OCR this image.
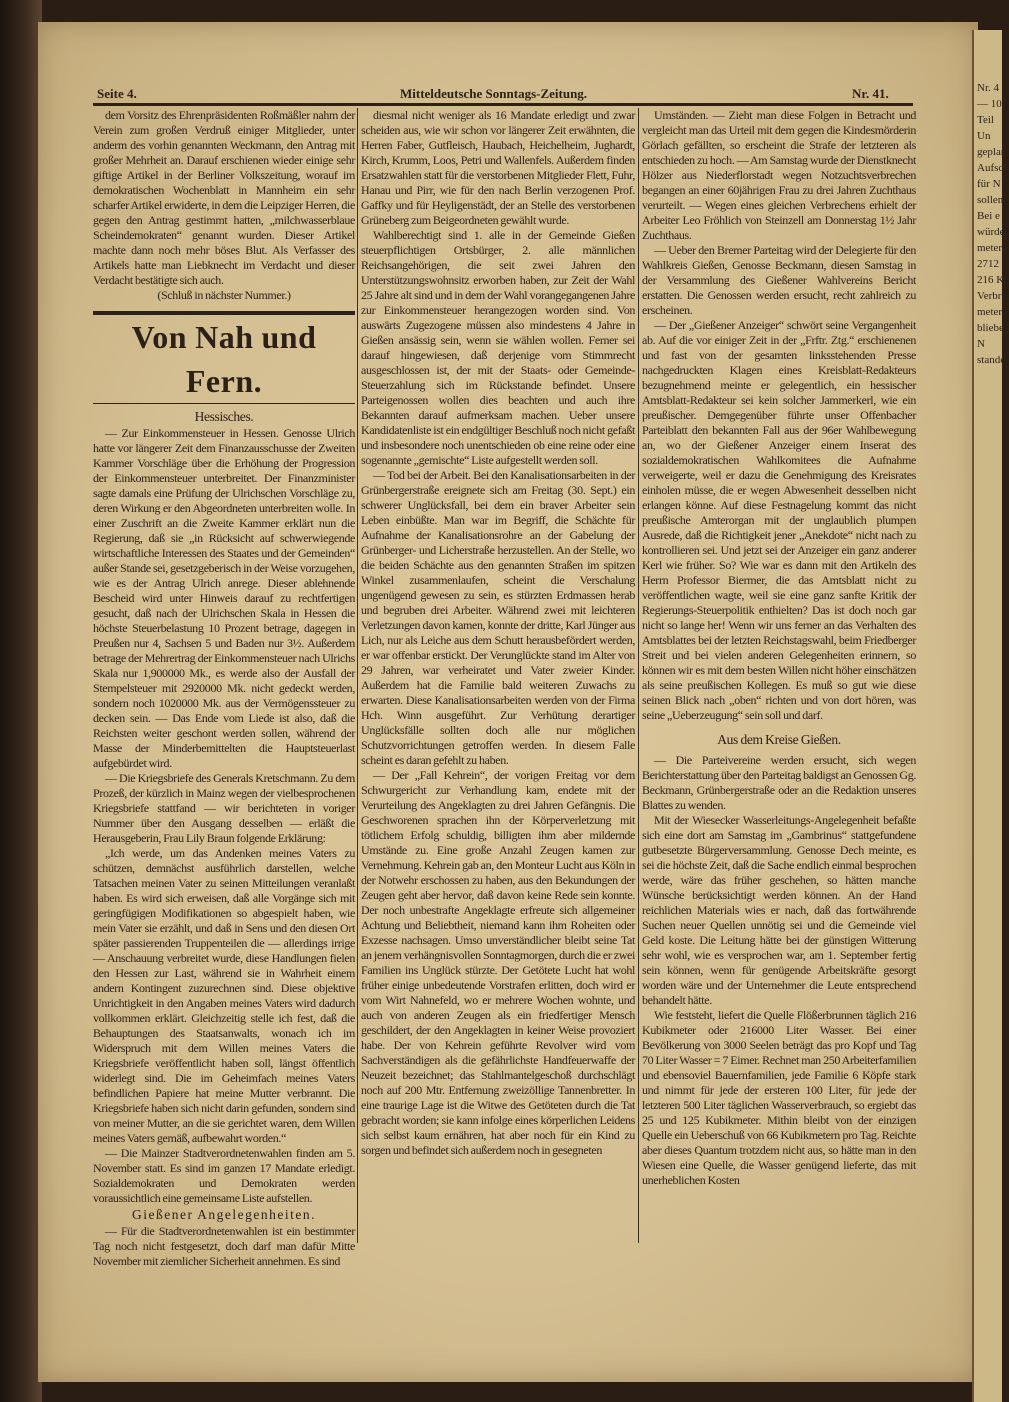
Nr. 4
— 10
Teil
Un
geplan
Aufsch
für N
sollen
Bei e
würde,
metern
2712
216 K
Verbr
meter
bliebe
N
stande
Seite 4.	Mitteldeutsche Sonntags-Zeitung.	Nr. 41.

dem Vorsitz des Ehrenpräsidenten Roßmäßler nahm der Verein zum großen Verdruß einiger Mitglieder, unter anderm des vorhin genannten Weckmann, den Antrag mit großer Mehrheit an. Darauf erschienen wieder einige sehr giftige Artikel in der Berliner Volkszeitung, worauf im demokratischen Wochenblatt in Mannheim ein sehr scharfer Artikel erwiderte, in dem die Leipziger Herren, die gegen den Antrag gestimmt hatten, „milchwasserblaue Scheindemokraten“ genannt wurden. Dieser Artikel machte dann noch mehr böses Blut. Als Verfasser des Artikels hatte man Liebknecht im Verdacht und dieser Verdacht bestätigte sich auch.

(Schluß in nächster Nummer.)

Von Nah und Fern.

Hessisches.

— Zur Einkommensteuer in Hessen. Genosse Ulrich hatte vor längerer Zeit dem Finanzausschusse der Zweiten Kammer Vorschläge über die Erhöhung der Progression der Einkommensteuer unterbreitet. Der Finanzminister sagte damals eine Prüfung der Ulrichschen Vorschläge zu, deren Wirkung er den Abgeordneten unterbreiten wolle. In einer Zuschrift an die Zweite Kammer erklärt nun die Regierung, daß sie „in Rücksicht auf schwerwiegende wirtschaftliche Interessen des Staates und der Gemeinden“ außer Stande sei, gesetzgeberisch in der Weise vorzugehen, wie es der Antrag Ulrich anrege. Dieser ablehnende Bescheid wird unter Hinweis darauf zu rechtfertigen gesucht, daß nach der Ulrichschen Skala in Hessen die höchste Steuerbelastung 10 Prozent betrage, dagegen in Preußen nur 4, Sachsen 5 und Baden nur 3½. Außerdem betrage der Mehrertrag der Einkommensteuer nach Ulrichs Skala nur 1,900000 Mk., es werde also der Ausfall der Stempelsteuer mit 2920000 Mk. nicht gedeckt werden, sondern noch 1020000 Mk. aus der Vermögenssteuer zu decken sein. — Das Ende vom Liede ist also, daß die Reichsten weiter geschont werden sollen, während der Masse der Minderbemittelten die Hauptsteuerlast aufgebürdet wird.

— Die Kriegsbriefe des Generals Kretschmann. Zu dem Prozeß, der kürzlich in Mainz wegen der vielbesprochenen Kriegsbriefe stattfand — wir berichteten in voriger Nummer über den Ausgang desselben — erläßt die Herausgeberin, Frau Lily Braun folgende Erklärung:

„Ich werde, um das Andenken meines Vaters zu schützen, demnächst ausführlich darstellen, welche Tatsachen meinen Vater zu seinen Mitteilungen veranlaßt haben. Es wird sich erweisen, daß alle Vorgänge sich mit geringfügigen Modifikationen so abgespielt haben, wie mein Vater sie erzählt, und daß in Sens und den diesen Ort später passierenden Truppenteilen die — allerdings irrige — Anschauung verbreitet wurde, diese Handlungen fielen den Hessen zur Last, während sie in Wahrheit einem andern Kontingent zuzurechnen sind. Diese objektive Unrichtigkeit in den Angaben meines Vaters wird dadurch vollkommen erklärt. Gleichzeitig stelle ich fest, daß die Behauptungen des Staatsanwalts, wonach ich im Widerspruch mit dem Willen meines Vaters die Kriegsbriefe veröffentlicht haben soll, längst öffentlich widerlegt sind. Die im Geheimfach meines Vaters befindlichen Papiere hat meine Mutter verbrannt. Die Kriegsbriefe haben sich nicht darin gefunden, sondern sind von meiner Mutter, an die sie gerichtet waren, dem Willen meines Vaters gemäß, aufbewahrt worden.“

— Die Mainzer Stadtverordnetenwahlen finden am 5. November statt. Es sind im ganzen 17 Mandate erledigt. Sozialdemokraten und Demokraten werden voraussichtlich eine gemeinsame Liste aufstellen.

Gießener Angelegenheiten.

— Für die Stadtverordnetenwahlen ist ein bestimmter Tag noch nicht festgesetzt, doch darf man dafür Mitte November mit ziemlicher Sicherheit annehmen. Es sind

diesmal nicht weniger als 16 Mandate erledigt und zwar scheiden aus, wie wir schon vor längerer Zeit erwähnten, die Herren Faber, Gutfleisch, Haubach, Heichelheim, Jughardt, Kirch, Krumm, Loos, Petri und Wallenfels. Außerdem finden Ersatzwahlen statt für die verstorbenen Mitglieder Flett, Fuhr, Hanau und Pirr, wie für den nach Berlin verzogenen Prof. Gaffky und für Heyligenstädt, der an Stelle des verstorbenen Grüneberg zum Beigeordneten gewählt wurde.

Wahlberechtigt sind 1. alle in der Gemeinde Gießen steuerpflichtigen Ortsbürger, 2. alle männlichen Reichsangehörigen, die seit zwei Jahren den Unterstützungswohnsitz erworben haben, zur Zeit der Wahl 25 Jahre alt sind und in dem der Wahl vorangegangenen Jahre zur Einkommensteuer herangezogen worden sind. Von auswärts Zugezogene müssen also mindestens 4 Jahre in Gießen ansässig sein, wenn sie wählen wollen. Ferner sei darauf hingewiesen, daß derjenige vom Stimmrecht ausgeschlossen ist, der mit der Staats- oder Gemeinde-Steuerzahlung sich im Rückstande befindet. Unsere Parteigenossen wollen dies beachten und auch ihre Bekannten darauf aufmerksam machen. Ueber unsere Kandidatenliste ist ein endgültiger Beschluß noch nicht gefaßt und insbesondere noch unentschieden ob eine reine oder eine sogenannte „gemischte“ Liste aufgestellt werden soll.

— Tod bei der Arbeit. Bei den Kanalisationsarbeiten in der Grünbergerstraße ereignete sich am Freitag (30. Sept.) ein schwerer Unglücksfall, bei dem ein braver Arbeiter sein Leben einbüßte. Man war im Begriff, die Schächte für Aufnahme der Kanalisationsrohre an der Gabelung der Grünberger- und Licherstraße herzustellen. An der Stelle, wo die beiden Schächte aus den genannten Straßen im spitzen Winkel zusammenlaufen, scheint die Verschalung ungenügend gewesen zu sein, es stürzten Erdmassen herab und begruben drei Arbeiter. Während zwei mit leichteren Verletzungen davon kamen, konnte der dritte, Karl Jünger aus Lich, nur als Leiche aus dem Schutt herausbefördert werden, er war offenbar erstickt. Der Verunglückte stand im Alter von 29 Jahren, war verheiratet und Vater zweier Kinder. Außerdem hat die Familie bald weiteren Zuwachs zu erwarten. Diese Kanalisationsarbeiten werden von der Firma Hch. Winn ausgeführt. Zur Verhütung derartiger Unglücksfälle sollten doch alle nur möglichen Schutzvorrichtungen getroffen werden. In diesem Falle scheint es daran gefehlt zu haben.

— Der „Fall Kehrein“, der vorigen Freitag vor dem Schwurgericht zur Verhandlung kam, endete mit der Verurteilung des Angeklagten zu drei Jahren Gefängnis. Die Geschworenen sprachen ihn der Körperverletzung mit tötlichem Erfolg schuldig, billigten ihm aber mildernde Umstände zu. Eine große Anzahl Zeugen kamen zur Vernehmung. Kehrein gab an, den Monteur Lucht aus Köln in der Notwehr erschossen zu haben, aus den Bekundungen der Zeugen geht aber hervor, daß davon keine Rede sein konnte. Der noch unbestrafte Angeklagte erfreute sich allgemeiner Achtung und Beliebtheit, niemand kann ihm Roheiten oder Exzesse nachsagen. Umso unverständlicher bleibt seine Tat an jenem verhängnisvollen Sonntagmorgen, durch die er zwei Familien ins Unglück stürzte. Der Getötete Lucht hat wohl früher einige unbedeutende Vorstrafen erlitten, doch wird er vom Wirt Nahnefeld, wo er mehrere Wochen wohnte, und auch von anderen Zeugen als ein friedfertiger Mensch geschildert, der den Angeklagten in keiner Weise provoziert habe. Der von Kehrein geführte Revolver wird vom Sachverständigen als die gefährlichste Handfeuerwaffe der Neuzeit bezeichnet; das Stahlmantelgeschoß durchschlägt noch auf 200 Mtr. Entfernung zweizöllige Tannenbretter. In eine traurige Lage ist die Witwe des Getöteten durch die Tat gebracht worden; sie kann infolge eines körperlichen Leidens sich selbst kaum ernähren, hat aber noch für ein Kind zu sorgen und befindet sich außerdem noch in gesegneten

Umständen. — Zieht man diese Folgen in Betracht und vergleicht man das Urteil mit dem gegen die Kindesmörderin Görlach gefällten, so erscheint die Strafe der letzteren als entschieden zu hoch. — Am Samstag wurde der Dienstknecht Hölzer aus Niederflorstadt wegen Notzuchtsverbrechen begangen an einer 60jährigen Frau zu drei Jahren Zuchthaus verurteilt. — Wegen eines gleichen Verbrechens erhielt der Arbeiter Leo Fröhlich von Steinzell am Donnerstag 1½ Jahr Zuchthaus.

— Ueber den Bremer Parteitag wird der Delegierte für den Wahlkreis Gießen, Genosse Beckmann, diesen Samstag in der Versammlung des Gießener Wahlvereins Bericht erstatten. Die Genossen werden ersucht, recht zahlreich zu erscheinen.

— Der „Gießener Anzeiger“ schwört seine Vergangenheit ab. Auf die vor einiger Zeit in der „Frftr. Ztg.“ erschienenen und fast von der gesamten linksstehenden Presse nachgedruckten Klagen eines Kreisblatt-Redakteurs bezugnehmend meinte er gelegentlich, ein hessischer Amtsblatt-Redakteur sei kein solcher Jammerkerl, wie ein preußischer. Demgegenüber führte unser Offenbacher Parteiblatt den bekannten Fall aus der 96er Wahlbewegung an, wo der Gießener Anzeiger einem Inserat des sozialdemokratischen Wahlkomitees die Aufnahme verweigerte, weil er dazu die Genehmigung des Kreisrates einholen müsse, die er wegen Abwesenheit desselben nicht erlangen könne. Auf diese Festnagelung kommt das nicht preußische Amterorgan mit der unglaublich plumpen Ausrede, daß die Richtigkeit jener „Anekdote“ nicht nach zu kontrollieren sei. Und jetzt sei der Anzeiger ein ganz anderer Kerl wie früher. So? Wie war es dann mit den Artikeln des Herrn Professor Biermer, die das Amtsblatt nicht zu veröffentlichen wagte, weil sie eine ganz sanfte Kritik der Regierungs-Steuerpolitik enthielten? Das ist doch noch gar nicht so lange her! Wenn wir uns ferner an das Verhalten des Amtsblattes bei der letzten Reichstagswahl, beim Friedberger Streit und bei vielen anderen Gelegenheiten erinnern, so können wir es mit dem besten Willen nicht höher einschätzen als seine preußischen Kollegen. Es muß so gut wie diese seinen Blick nach „oben“ richten und von dort hören, was seine „Ueberzeugung“ sein soll und darf.

Aus dem Kreise Gießen.

— Die Parteivereine werden ersucht, sich wegen Berichterstattung über den Parteitag baldigst an Genossen Gg. Beckmann, Grünbergerstraße oder an die Redaktion unseres Blattes zu wenden.

Mit der Wiesecker Wasserleitungs-Angelegenheit befaßte sich eine dort am Samstag im „Gambrinus“ stattgefundene gutbesetzte Bürgerversammlung. Genosse Dech meinte, es sei die höchste Zeit, daß die Sache endlich einmal besprochen werde, wäre das früher geschehen, so hätten manche Wünsche berücksichtigt werden können. An der Hand reichlichen Materials wies er nach, daß das fortwährende Suchen neuer Quellen unnötig sei und die Gemeinde viel Geld koste. Die Leitung hätte bei der günstigen Witterung sehr wohl, wie es versprochen war, am 1. September fertig sein können, wenn für genügende Arbeitskräfte gesorgt worden wäre und der Unternehmer die Leute entsprechend behandelt hätte.

Wie feststeht, liefert die Quelle Flößerbrunnen täglich 216 Kubikmeter oder 216000 Liter Wasser. Bei einer Bevölkerung von 3000 Seelen beträgt das pro Kopf und Tag 70 Liter Wasser = 7 Eimer. Rechnet man 250 Arbeiterfamilien und ebensoviel Bauernfamilien, jede Familie 6 Köpfe stark und nimmt für jede der ersteren 100 Liter, für jede der letzteren 500 Liter täglichen Wasserverbrauch, so ergiebt das 25 und 125 Kubikmeter. Mithin bleibt von der einzigen Quelle ein Ueberschuß von 66 Kubikmetern pro Tag. Reichte aber dieses Quantum trotzdem nicht aus, so hätte man in den Wiesen eine Quelle, die Wasser genügend lieferte, das mit unerheblichen Kosten
